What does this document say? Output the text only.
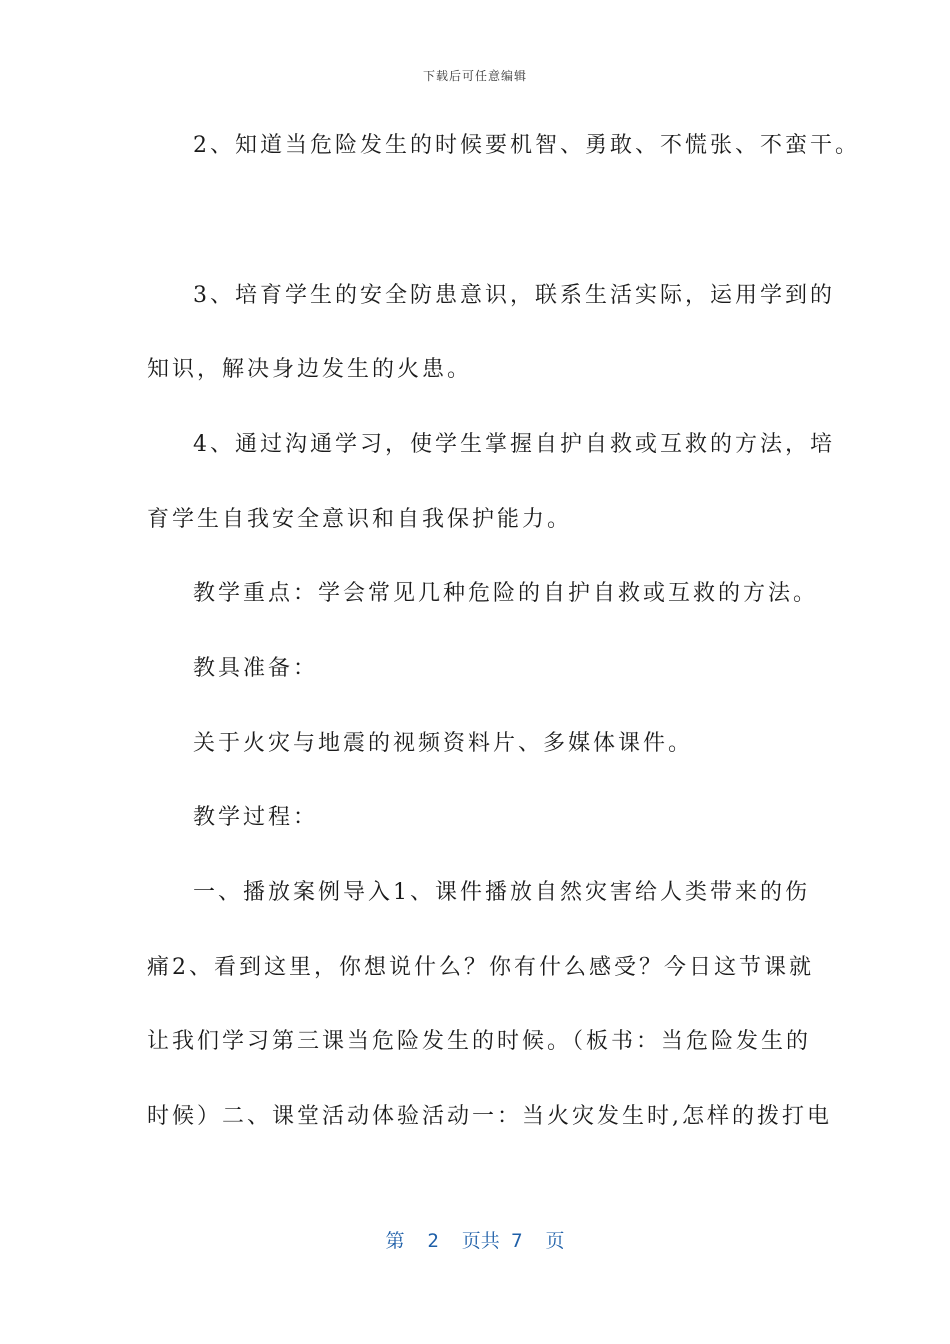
下载后可任意编辑
2、知道当危险发生的时候要机智、勇敢、不慌张、不蛮干。
3、培育学生的安全防患意识，联系生活实际，运用学到的
知识，解决身边发生的火患。
4、通过沟通学习，使学生掌握自护自救或互救的方法，培
育学生自我安全意识和自我保护能力。
教学重点：学会常见几种危险的自护自救或互救的方法。
教具准备：
关于火灾与地震的视频资料片、多媒体课件。
教学过程：
一、播放案例导入1、课件播放自然灾害给人类带来的伤
痛2、看到这里，你想说什么？你有什么感受？今日这节课就
让我们学习第三课当危险发生的时候。（板书：当危险发生的
时候）二、课堂活动体验活动一：当火灾发生时,怎样的拨打电
第  2  页共 7  页
